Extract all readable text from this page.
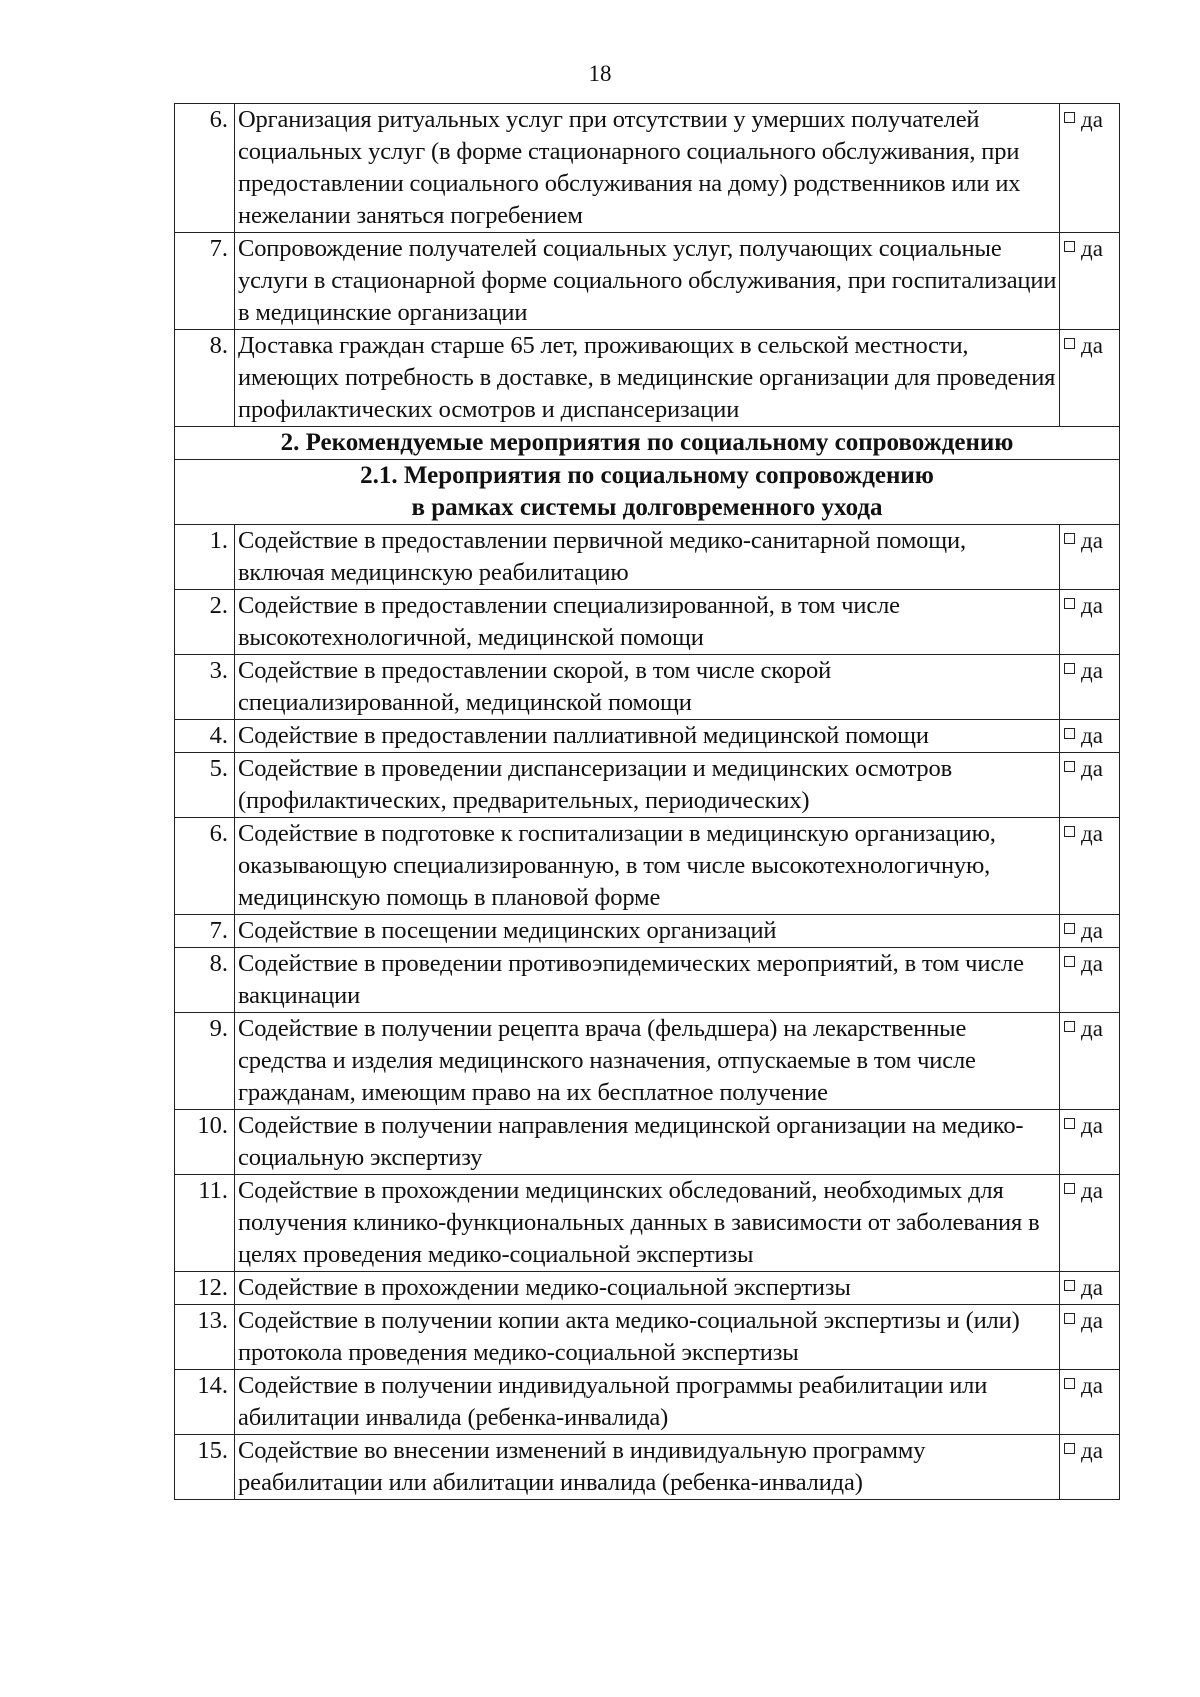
18
6.	Организация ритуальных услуг при отсутствии у умерших получателей социальных услуг (в форме стационарного социального обслуживания, при предоставлении социального обслуживания на дому) родственников или их нежелании заняться погребением	да
7.	Сопровождение получателей социальных услуг, получающих социальные услуги в стационарной форме социального обслуживания, при госпитализации в медицинские организации	да
8.	Доставка граждан старше 65 лет, проживающих в сельской местности, имеющих потребность в доставке, в медицинские организации для проведения профилактических осмотров и диспансеризации	да
2. Рекомендуемые мероприятия по социальному сопровождению		

2.1. Мероприятия по социальному сопровождению
в рамках системы долговременного ухода		

1.	Содействие в предоставлении первичной медико-санитарной помощи, включая медицинскую реабилитацию	да
2.	Содействие в предоставлении специализированной, в том числе высокотехнологичной, медицинской помощи	да
3.	Содействие в предоставлении скорой, в том числе скорой специализированной, медицинской помощи	да
4.	Содействие в предоставлении паллиативной медицинской помощи	да
5.	Содействие в проведении диспансеризации и медицинских осмотров (профилактических, предварительных, периодических)	да
6.	Содействие в подготовке к госпитализации в медицинскую организацию, оказывающую специализированную, в том числе высокотехнологичную, медицинскую помощь в плановой форме	да
7.	Содействие в посещении медицинских организаций	да
8.	Содействие в проведении противоэпидемических мероприятий, в том числе вакцинации	да
9.	Содействие в получении рецепта врача (фельдшера) на лекарственные средства и изделия медицинского назначения, отпускаемые в том числе гражданам, имеющим право на их бесплатное получение	да
10.	Содействие в получении направления медицинской организации на медико-социальную экспертизу	да
11.	Содействие в прохождении медицинских обследований, необходимых для получения клинико-функциональных данных в зависимости от заболевания в целях проведения медико-социальной экспертизы	да
12.	Содействие в прохождении медико-социальной экспертизы	да
13.	Содействие в получении копии акта медико-социальной экспертизы и (или) протокола проведения медико-социальной экспертизы	да
14.	Содействие в получении индивидуальной программы реабилитации или абилитации инвалида (ребенка-инвалида)	да
15.	Содействие во внесении изменений в индивидуальную программу реабилитации или абилитации инвалида (ребенка-инвалида)	да
